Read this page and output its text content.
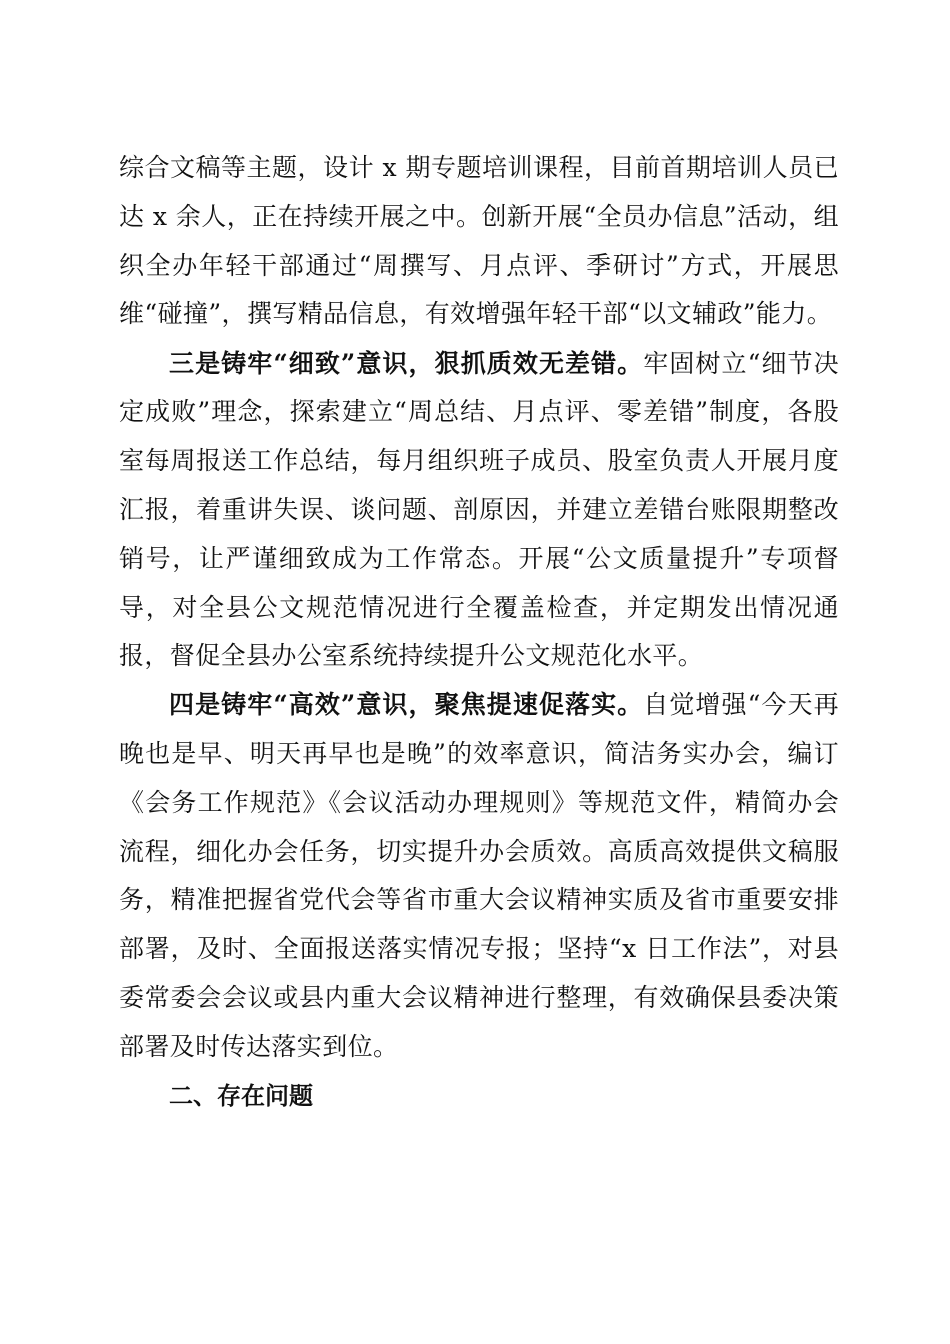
综合文稿等主题，设计 x 期专题培训课程，目前首期培训人员已达 x 余人，正在持续开展之中。创新开展“全员办信息”活动，组织全办年轻干部通过“周撰写、月点评、季研讨”方式，开展思维“碰撞”，撰写精品信息，有效增强年轻干部“以文辅政”能力。

三是铸牢“细致”意识，狠抓质效无差错。牢固树立“细节决定成败”理念，探索建立“周总结、月点评、零差错”制度，各股室每周报送工作总结，每月组织班子成员、股室负责人开展月度汇报，着重讲失误、谈问题、剖原因，并建立差错台账限期整改销号，让严谨细致成为工作常态。开展“公文质量提升”专项督导，对全县公文规范情况进行全覆盖检查，并定期发出情况通报，督促全县办公室系统持续提升公文规范化水平。

四是铸牢“高效”意识，聚焦提速促落实。自觉增强“今天再晚也是早、明天再早也是晚”的效率意识，简洁务实办会，编订《会务工作规范》《会议活动办理规则》等规范文件，精简办会流程，细化办会任务，切实提升办会质效。高质高效提供文稿服务，精准把握省党代会等省市重大会议精神实质及省市重要安排部署，及时、全面报送落实情况专报；坚持“x 日工作法”，对县委常委会会议或县内重大会议精神进行整理，有效确保县委决策部署及时传达落实到位。

二、存在问题
